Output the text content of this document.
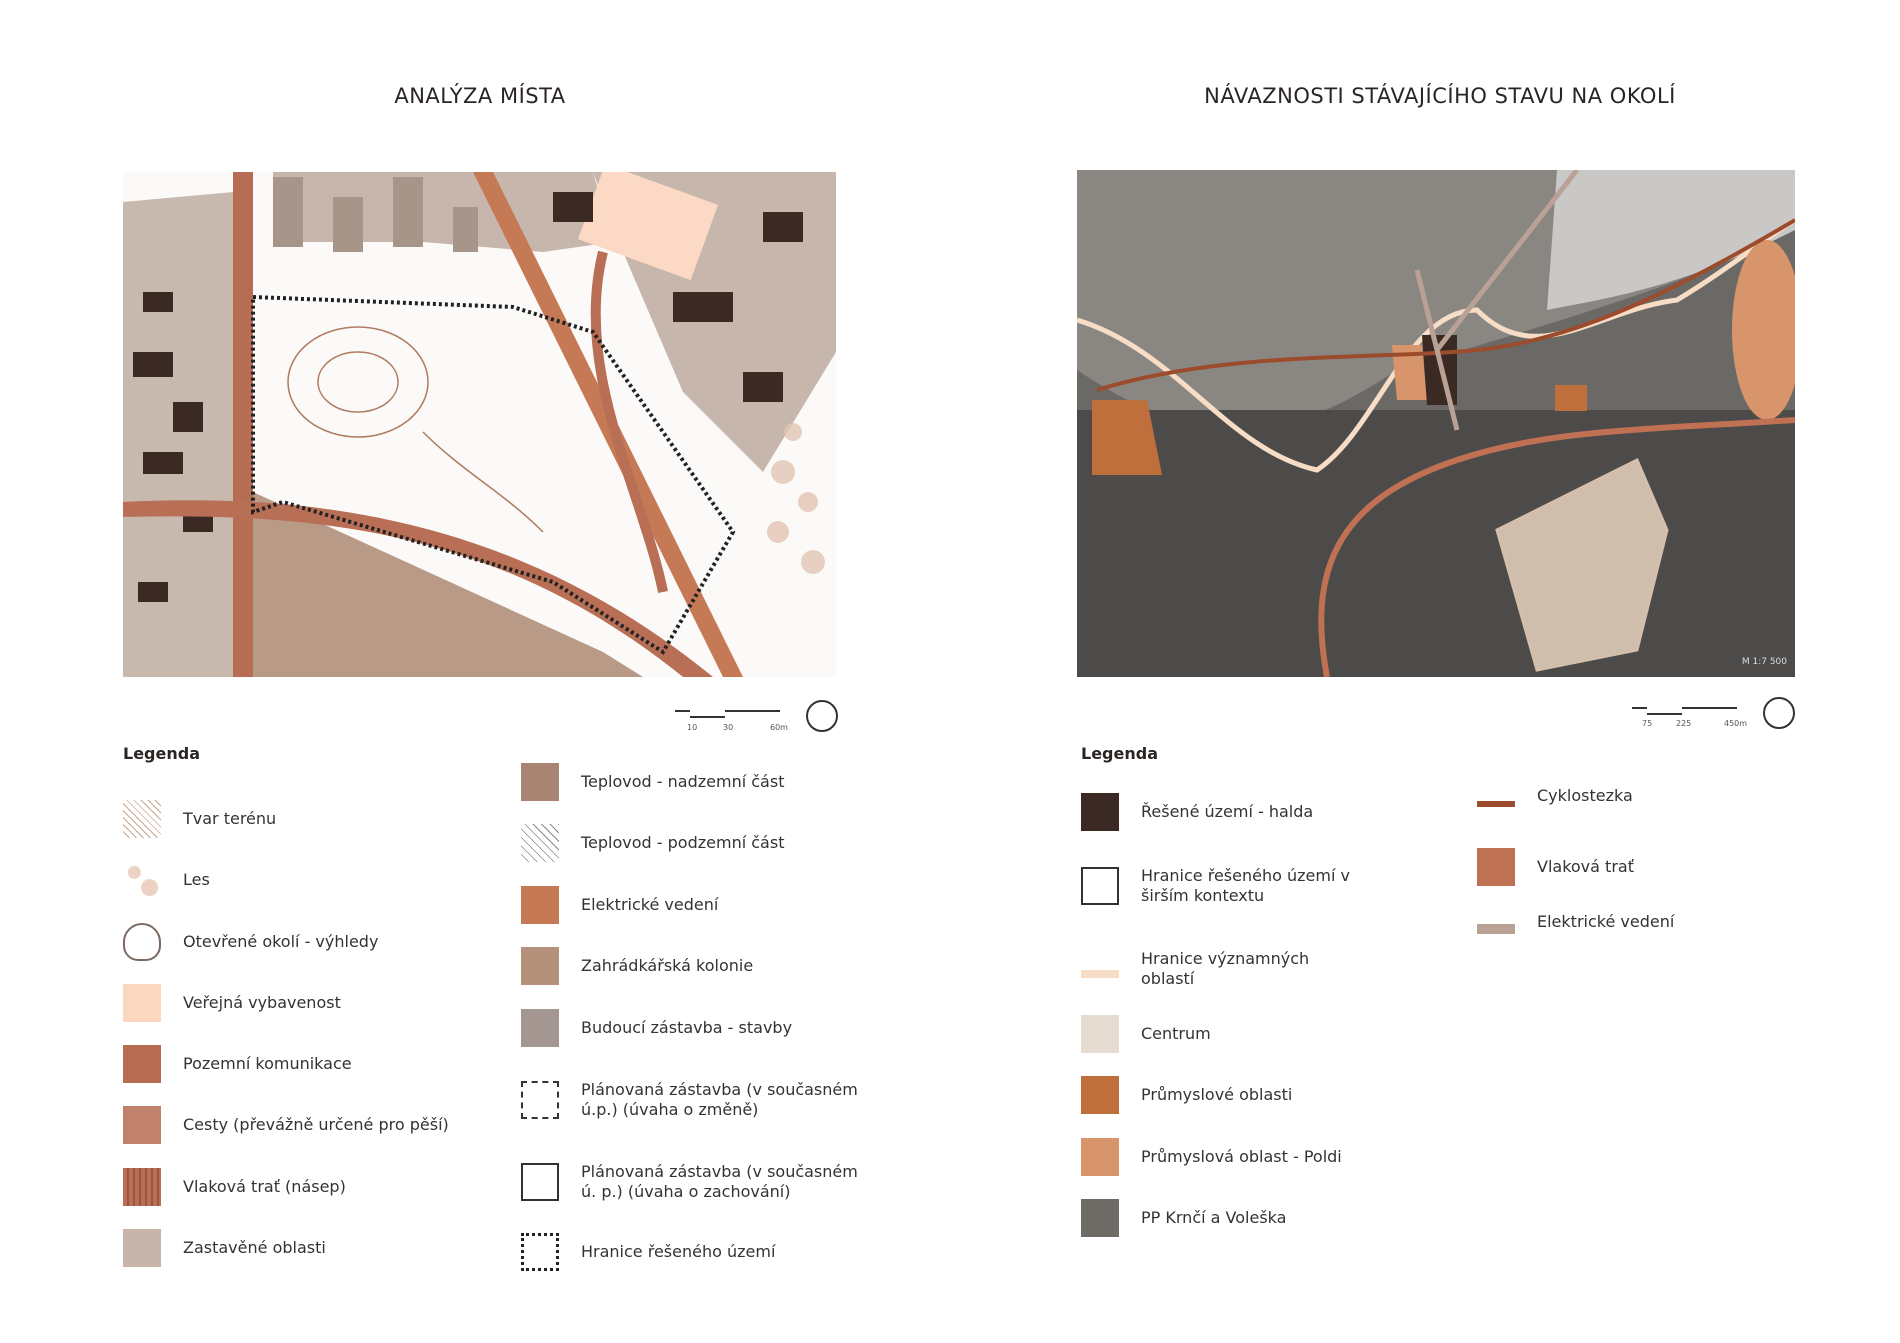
ANALÝZA MÍSTA
10	30	60m
Legenda
Tvar terénu
Les
Otevřené okolí - výhledy
Veřejná vybavenost
Pozemní komunikace
Cesty (převážně určené pro pěší)
Vlaková trať (násep)
Zastavěné oblasti
Teplovod - nadzemní část
Teplovod - podzemní část
Elektrické vedení
Zahrádkářská kolonie
Budoucí zástavba - stavby
Plánovaná zástavba (v současném ú.p.) (úvaha o změně)
Plánovaná zástavba (v současném ú. p.) (úvaha o zachování)
Hranice řešeného území
NÁVAZNOSTI STÁVAJÍCÍHO STAVU NA OKOLÍ
M 1:7 500
75	225	450m
Legenda
Řešené území - halda
Hranice řešeného území v širším kontextu
Hranice významných oblastí
Centrum
Průmyslové oblasti
Průmyslová oblast - Poldi
PP Krnčí a Voleška
Cyklostezka
Vlaková trať
Elektrické vedení
